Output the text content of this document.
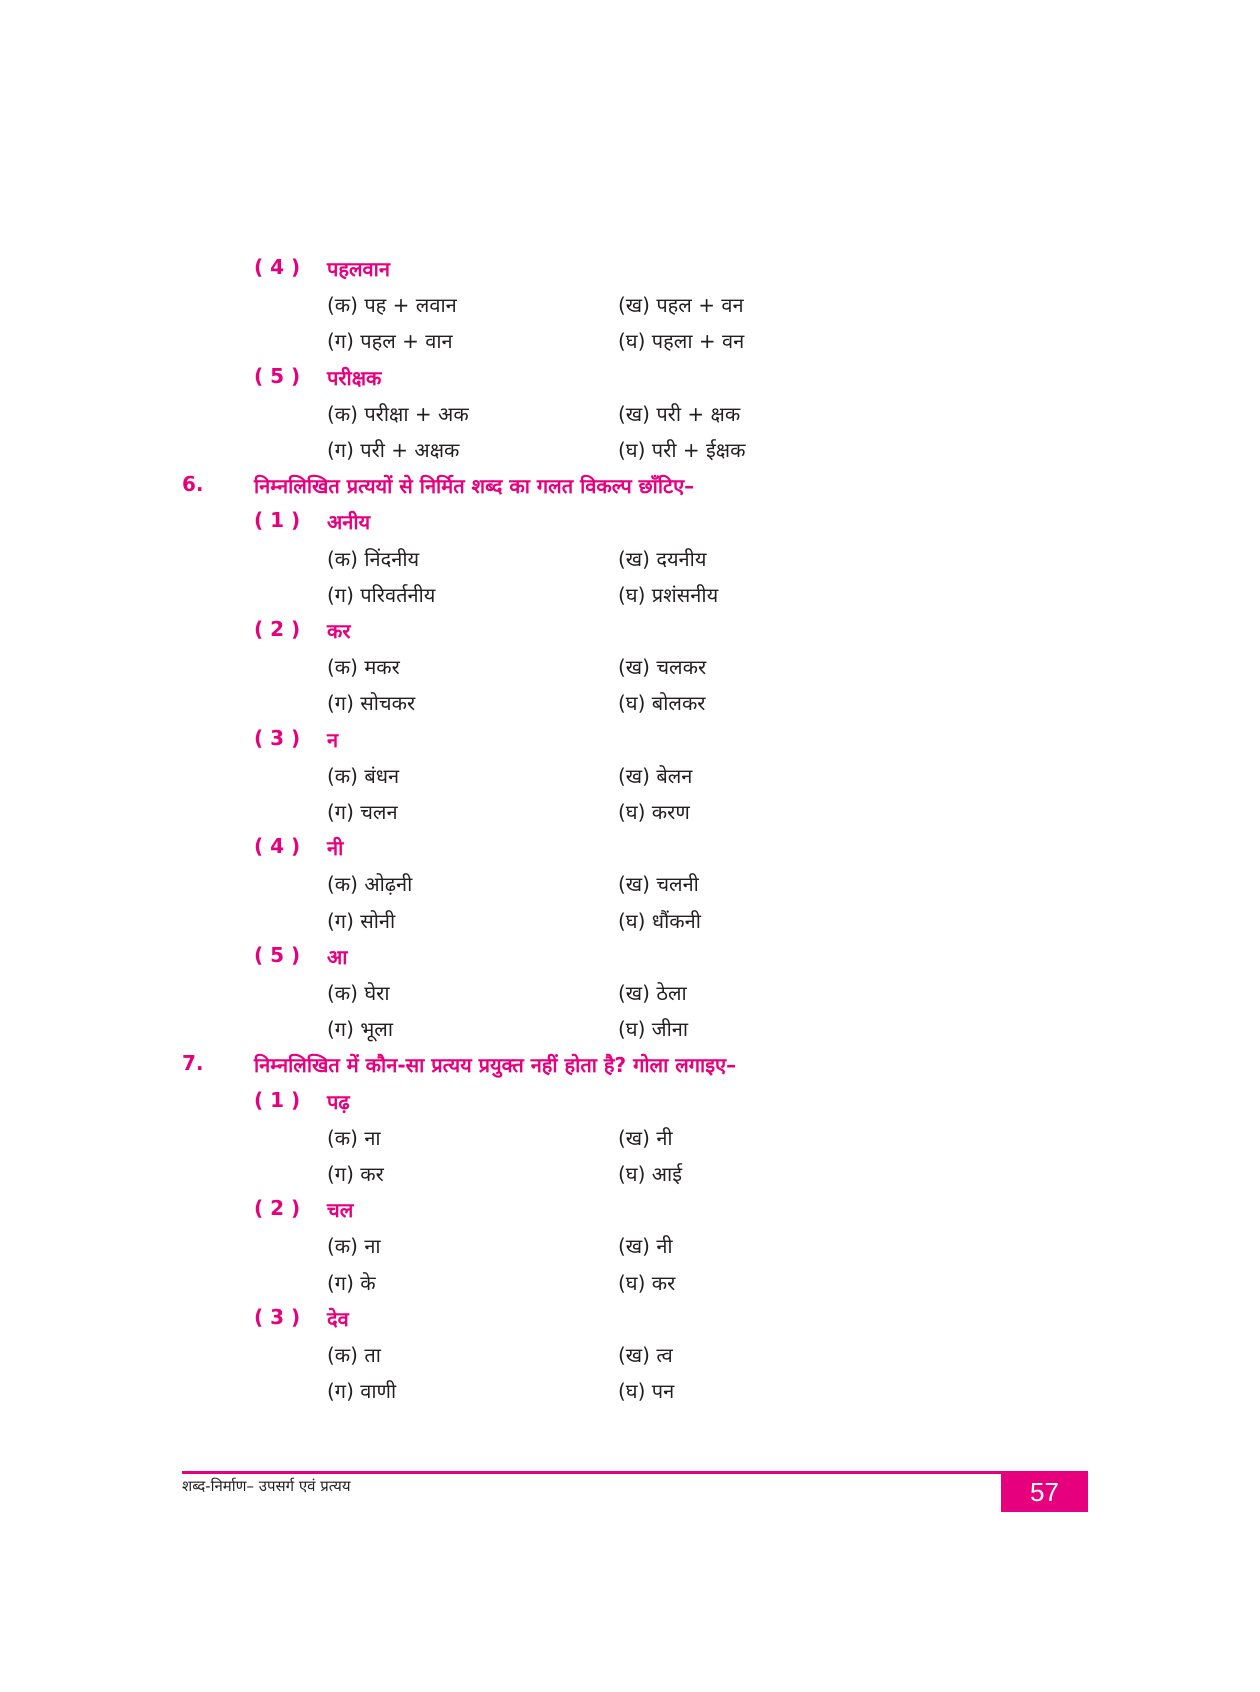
( 4 ) पहलवान
(क) पह + लवान	(ख) पहल + वन
(ग) पहल + वान	(घ) पहला + वन
( 5 ) परीक्षक
(क) परीक्षा + अक	(ख) परी + क्षक
(ग) परी + अक्षक	(घ) परी + ईक्षक
6.	निम्नलिखित प्रत्ययों से निर्मित शब्द का गलत विकल्प छाँटिए–
( 1 ) अनीय
(क) निंदनीय	(ख) दयनीय
(ग) परिवर्तनीय	(घ) प्रशंसनीय
( 2 ) कर
(क) मकर	(ख) चलकर
(ग) सोचकर	(घ) बोलकर
( 3 ) न
(क) बंधन	(ख) बेलन
(ग) चलन	(घ) करण
( 4 ) नी
(क) ओढ़नी	(ख) चलनी
(ग) सोनी	(घ) धौंकनी
( 5 ) आ
(क) घेरा	(ख) ठेला
(ग) भूला	(घ) जीना
7.	निम्नलिखित में कौन-सा प्रत्यय प्रयुक्त नहीं होता है? गोला लगाइए–
( 1 ) पढ़
(क) ना	(ख) नी
(ग) कर	(घ) आई
( 2 ) चल
(क) ना	(ख) नी
(ग) के	(घ) कर
( 3 ) देव
(क) ता	(ख) त्व
(ग) वाणी	(घ) पन
शब्द-निर्माण– उपसर्ग एवं प्रत्यय	57
